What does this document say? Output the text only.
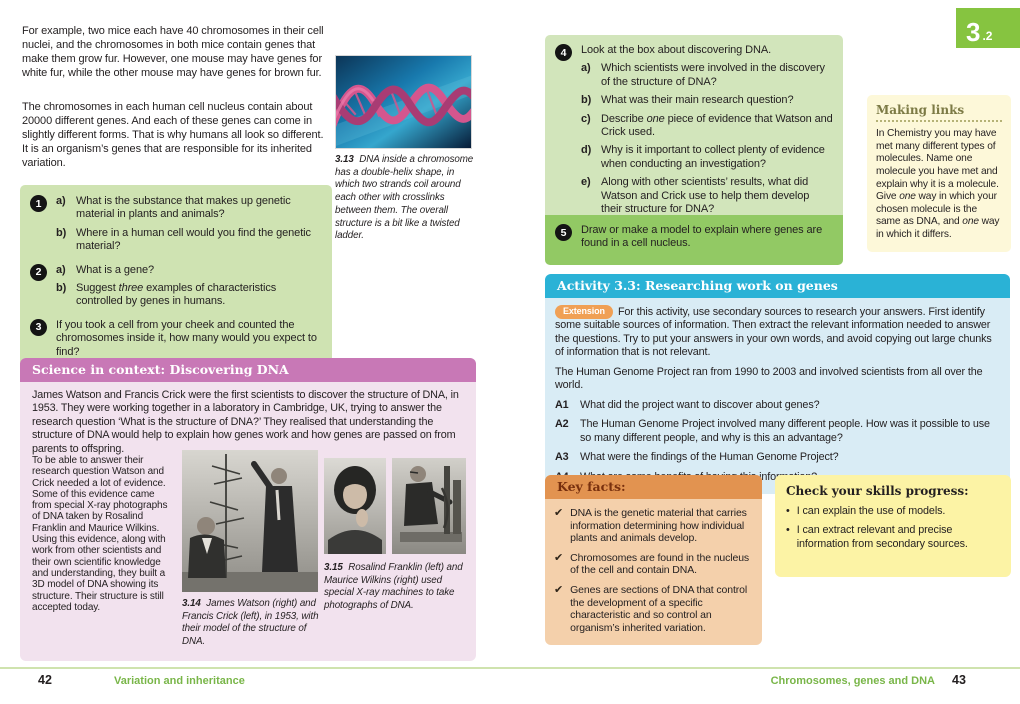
3 .2

For example, two mice each have 40 chromosomes in their cell nuclei, and the chromosomes in both mice contain genes that make them grow fur. However, one mouse may have genes for white fur, while the other mouse may have genes for brown fur.

The chromosomes in each human cell nucleus contain about 20000 different genes. And each of these genes can come in slightly different forms. That is why humans all look so different. It is an organism’s genes that are responsible for its inherited variation.	3.13 DNA inside a chromosome has a double-helix shape, in which two strands coil around each other with crosslinks between them. The overall structure is a bit like a twisted ladder.

1	a) What is the substance that makes up genetic material in plants and animals?
b) Where in a human cell would you find the genetic material?
2	a) What is a gene?
b) Suggest three examples of characteristics controlled by genes in humans.
3	If you took a cell from your cheek and counted the chromosomes inside it, how many would you expect to find?
Science in context: Discovering DNA

James Watson and Francis Crick were the first scientists to discover the structure of DNA, in 1953. They were working together in a laboratory in Cambridge, UK, trying to answer the research question ‘What is the structure of DNA?’ They realised that understanding the structure of DNA would help to explain how genes work and how genes are passed on from parents to offspring.

To be able to answer their research question Watson and Crick needed a lot of evidence. Some of this evidence came from special X-ray photographs of DNA taken by Rosalind Franklin and Maurice Wilkins. Using this evidence, along with work from other scientists and their own scientific knowledge and understanding, they built a 3D model of DNA showing its structure. Their structure is still accepted today.	3.14 James Watson (right) and Francis Crick (left), in 1953, with their model of the structure of DNA.

3.15 Rosalind Franklin (left) and Maurice Wilkins (right) used special X-ray machines to take photographs of DNA.

4	Look at the box about discovering DNA.
a) Which scientists were involved in the discovery of the structure of DNA?
b) What was their main research question?
c) Describe one piece of evidence that Watson and Crick used.
d) Why is it important to collect plenty of evidence when conducting an investigation?
e) Along with other scientists’ results, what did Watson and Crick use to help them develop their structure for DNA?
5	Draw or make a model to explain where genes are found in a cell nucleus.
Making links

In Chemistry you may have met many different types of molecules. Name one molecule you have met and explain why it is a molecule. Give one way in which your chosen molecule is the same as DNA, and one way in which it differs.

Activity 3.3: Researching work on genes

Extension For this activity, use secondary sources to research your answers. First identify some suitable sources of information. Then extract the relevant information needed to answer the questions. Try to put your answers in your own words, and avoid copying out large chunks of information that is not relevant.

The Human Genome Project ran from 1990 to 2003 and involved scientists from all over the world.

A1	What did the project want to discover about genes?
A2	The Human Genome Project involved many different people. How was it possible to use so many different people, and why is this an advantage?
A3	What were the findings of the Human Genome Project?
Key facts:
✔ DNA is the genetic material that carries information determining how individual plants and animals develop.
✔ Chromosomes are found in the nucleus of the cell and contain DNA.
✔ Genes are sections of DNA that control the development of a specific characteristic and so control an organism’s inherited variation.
Check your skills progress:
• I can explain the use of models.
• I can extract relevant and precise information from secondary sources.
42	Variation and inheritance	Chromosomes, genes and DNA 43
